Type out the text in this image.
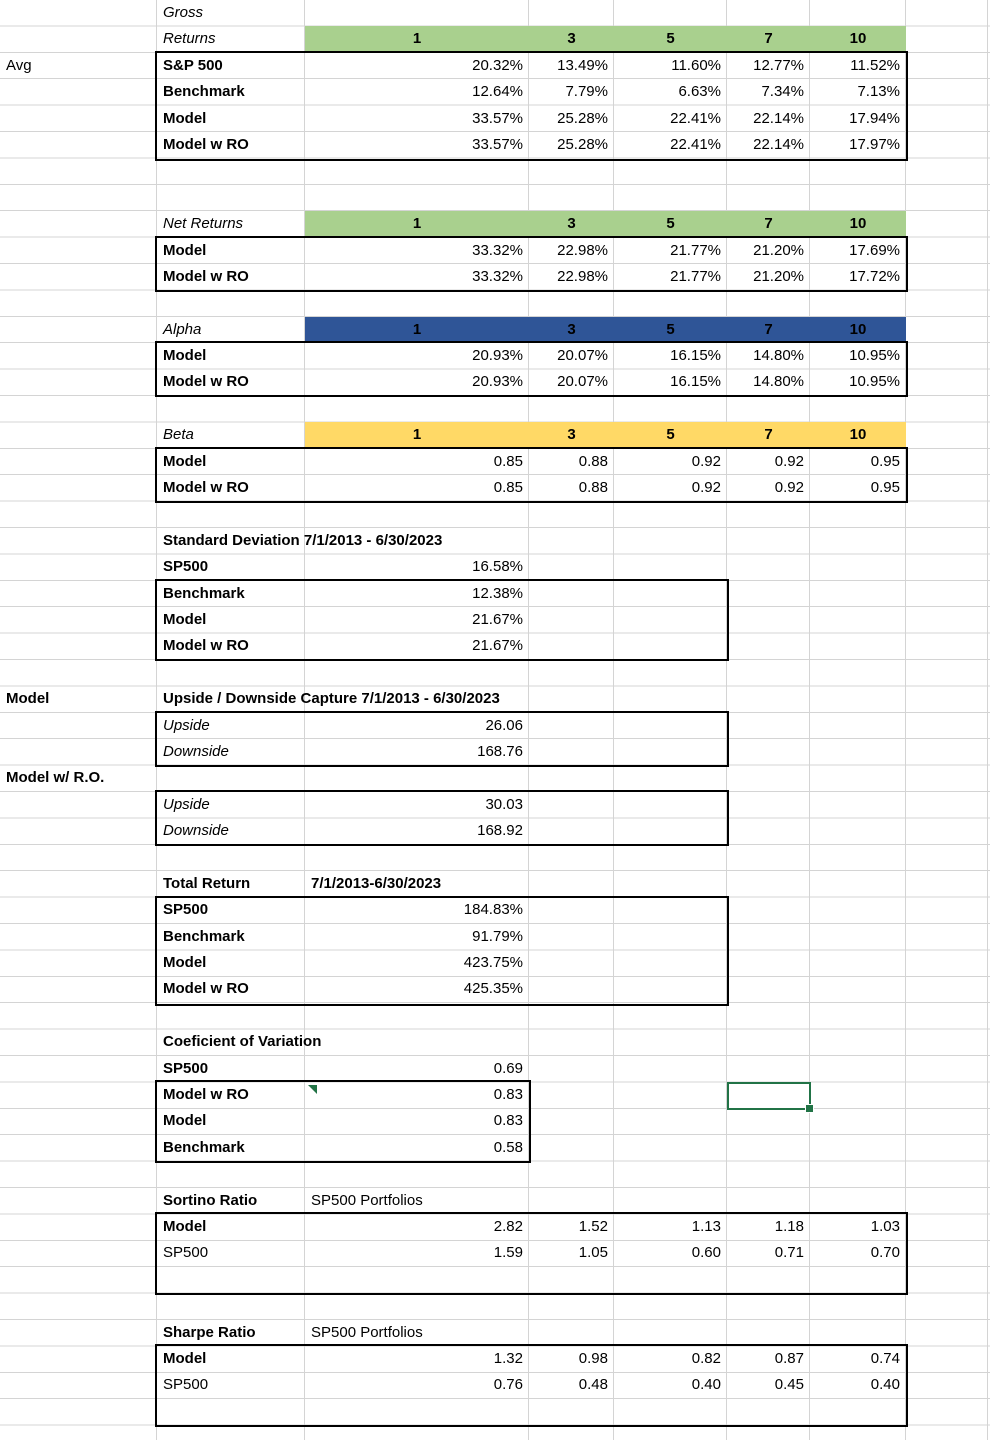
Gross
Returns	1	3	5	7	10
Avg	S&P 500	20.32%	13.49%	11.60%	12.77%	11.52%
Benchmark	12.64%	7.79%	6.63%	7.34%	7.13%
Model	33.57%	25.28%	22.41%	22.14%	17.94%
Model w RO	33.57%	25.28%	22.41%	22.14%	17.97%
Net Returns	1	3	5	7	10
Model	33.32%	22.98%	21.77%	21.20%	17.69%
Model w RO	33.32%	22.98%	21.77%	21.20%	17.72%
Alpha	1	3	5	7	10
Model	20.93%	20.07%	16.15%	14.80%	10.95%
Model w RO	20.93%	20.07%	16.15%	14.80%	10.95%
Beta	1	3	5	7	10
Model	0.85	0.88	0.92	0.92	0.95
Model w RO	0.85	0.88	0.92	0.92	0.95
Standard Deviation 7/1/2013 - 6/30/2023
SP500	16.58%
Benchmark	12.38%
Model	21.67%
Model w RO	21.67%
Model	Upside / Downside Capture 7/1/2013 - 6/30/2023
Upside	26.06
Downside	168.76
Model w/ R.O.
Upside	30.03
Downside	168.92
Total Return	7/1/2013-6/30/2023
SP500	184.83%
Benchmark	91.79%
Model	423.75%
Model w RO	425.35%
Coeficient of Variation
SP500	0.69
Model w RO	0.83
Model	0.83
Benchmark	0.58
Sortino Ratio	SP500 Portfolios
Model	2.82	1.52	1.13	1.18	1.03
SP500	1.59	1.05	0.60	0.71	0.70
Sharpe Ratio	SP500 Portfolios
Model	1.32	0.98	0.82	0.87	0.74
SP500	0.76	0.48	0.40	0.45	0.40
